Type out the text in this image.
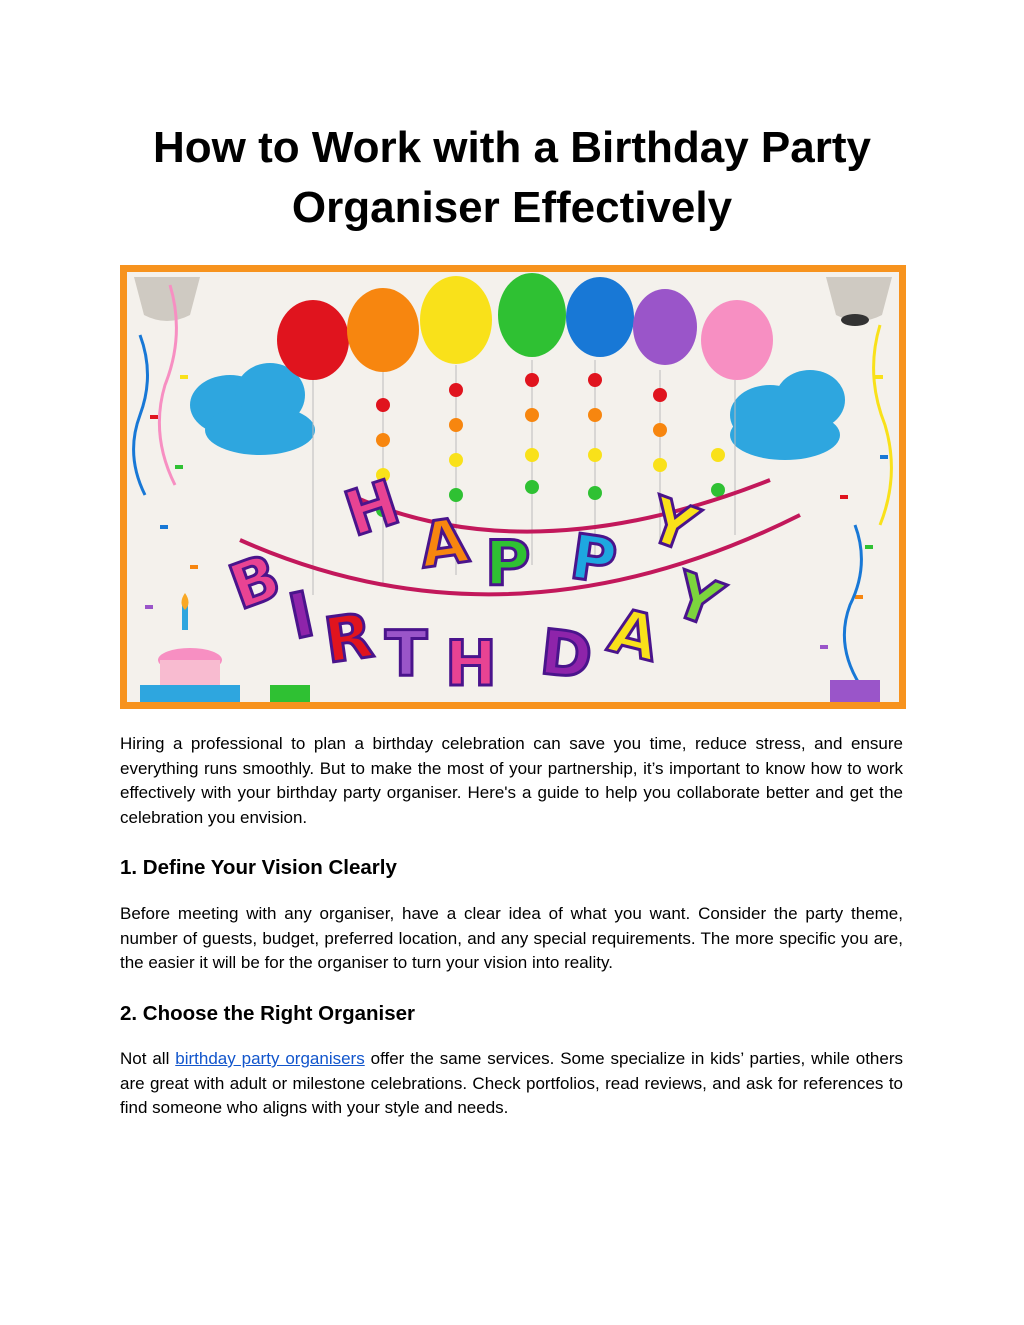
How to Work with a Birthday Party
Organiser Effectively
H A P P Y
B
I R T H D A
Y

Hiring a professional to plan a birthday celebration can save you time, reduce stress, and ensure everything runs smoothly. But to make the most of your partnership, it’s important to know how to work effectively with your birthday party organiser. Here's a guide to help you collaborate better and get the celebration you envision.

1. Define Your Vision Clearly

Before meeting with any organiser, have a clear idea of what you want. Consider the party theme, number of guests, budget, preferred location, and any special requirements. The more specific you are, the easier it will be for the organiser to turn your vision into reality.

2. Choose the Right Organiser

Not all birthday party organisers offer the same services. Some specialize in kids’ parties, while others are great with adult or milestone celebrations. Check portfolios, read reviews, and ask for references to find someone who aligns with your style and needs.
